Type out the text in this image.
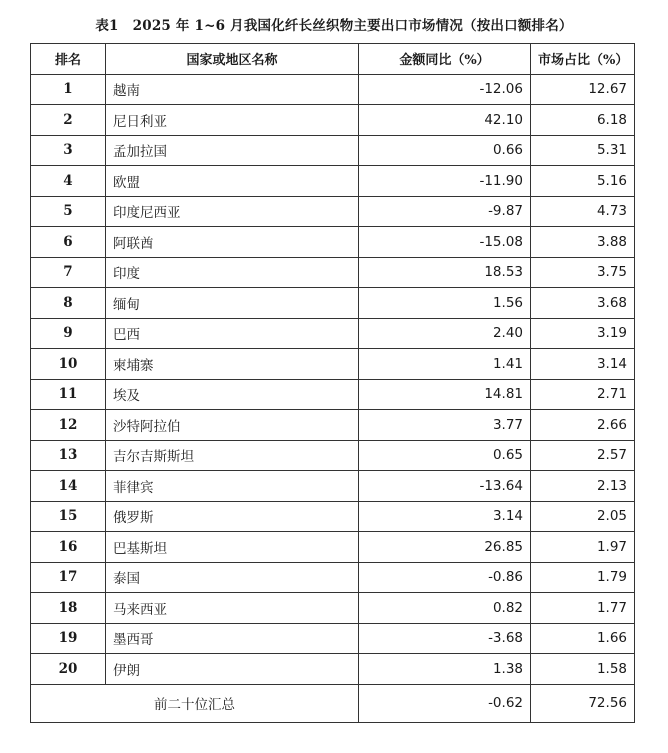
表1 2025 年 1~6 月我国化纤长丝织物主要出口市场情况（按出口额排名）
排名	国家或地区名称	金额同比（%）	市场占比（%）
1	越南	-12.06	12.67
2	尼日利亚	42.10	6.18
3	孟加拉国	0.66	5.31
4	欧盟	-11.90	5.16
5	印度尼西亚	-9.87	4.73
6	阿联酋	-15.08	3.88
7	印度	18.53	3.75
8	缅甸	1.56	3.68
9	巴西	2.40	3.19
10	柬埔寨	1.41	3.14
11	埃及	14.81	2.71
12	沙特阿拉伯	3.77	2.66
13	吉尔吉斯斯坦	0.65	2.57
14	菲律宾	-13.64	2.13
15	俄罗斯	3.14	2.05
16	巴基斯坦	26.85	1.97
17	泰国	-0.86	1.79
18	马来西亚	0.82	1.77
19	墨西哥	-3.68	1.66
20	伊朗	1.38	1.58
前二十位汇总		-0.62	72.56
